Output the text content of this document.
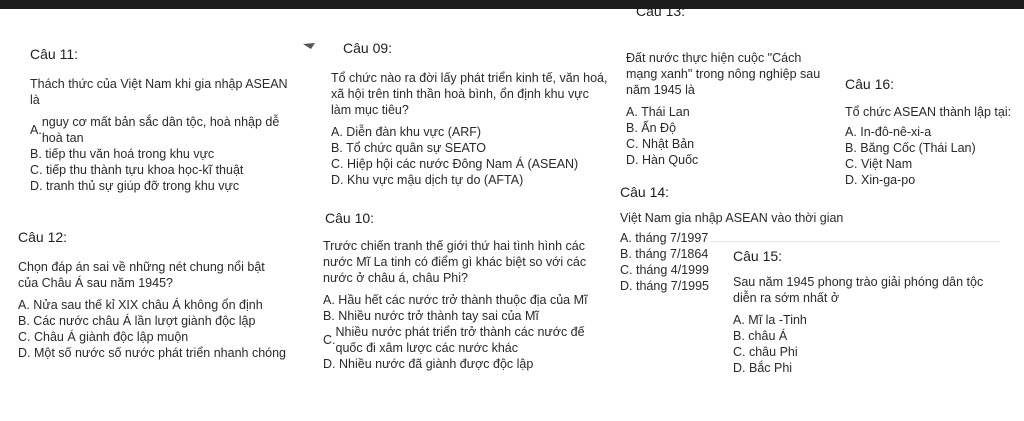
Câu 13:
Câu 11:
Thách thức của Việt Nam khi gia nhập ASEAN là
A.
nguy cơ mất bản sắc dân tộc, hoà nhập dễ hoà tan
B. tiếp thu văn hoá trong khu vực
C. tiếp thu thành tựu khoa học-kĩ thuật
D. tranh thủ sự giúp đỡ trong khu vực
Câu 12:
Chọn đáp án sai về những nét chung nổi bật của Châu Á sau năm 1945?
A. Nửa sau thế kỉ XIX châu Á không ổn định
B. Các nước châu Á lần lượt giành độc lập
C. Châu Á giành độc lập muộn
D. Một số nước số nước phát triển nhanh chóng
Câu 09:
Tổ chức nào ra đời lấy phát triển kinh tế, văn hoá, xã hội trên tinh thần hoà bình, ổn định khu vực làm mục tiêu?
A. Diễn đàn khu vực (ARF)
B. Tổ chức quân sự SEATO
C. Hiệp hội các nước Đông Nam Á (ASEAN)
D. Khu vực mậu dịch tự do (AFTA)
Câu 10:
Trước chiến tranh thế giới thứ hai tình hình các nước Mĩ La tinh có điểm gì khác biệt so với các nước ở châu á, châu Phi?
A. Hầu hết các nước trở thành thuộc địa của Mĩ
B. Nhiều nước trở thành tay sai của Mĩ
C.
Nhiều nước phát triển trở thành các nước đế quốc đi xâm lược các nước khác
D. Nhiều nước đã giành được độc lập
Đất nước thực hiện cuộc "Cách mạng xanh" trong nông nghiệp sau năm 1945 là
A. Thái Lan
B. Ấn Độ
C. Nhật Bản
D. Hàn Quốc
Câu 14:
Việt Nam gia nhập ASEAN vào thời gian
A. tháng 7/1997
B. tháng 7/1864
C. tháng 4/1999
D. tháng 7/1995
Câu 16:
Tổ chức ASEAN thành lập tại:
A. In-đô-nê-xi-a
B. Băng Cốc (Thái Lan)
C. Việt Nam
D. Xin-ga-po
Câu 15:
Sau năm 1945 phong trào giải phóng dân tộc diễn ra sớm nhất ở
A. Mĩ la -Tinh
B. châu Á
C. châu Phi
D. Bắc Phi
